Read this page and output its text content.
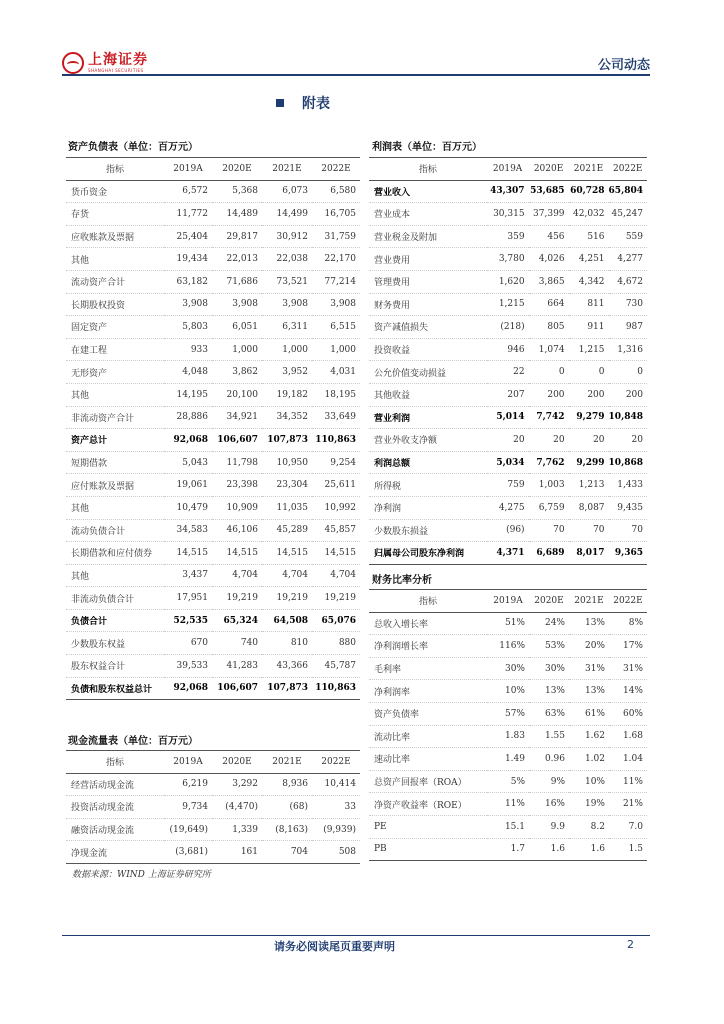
上海证券
SHANGHAI SECURITIES	公司动态
附表
资产负债表（单位：百万元）	利润表（单位：百万元）
财务比率分析
现金流量表（单位：百万元）
指标	2019A	2020E	2021E	2022E
货币资金	6,572	5,368	6,073	6,580
存货	11,772	14,489	14,499	16,705
应收账款及票据	25,404	29,817	30,912	31,759
其他	19,434	22,013	22,038	22,170
流动资产合计	63,182	71,686	73,521	77,214
长期股权投资	3,908	3,908	3,908	3,908
固定资产	5,803	6,051	6,311	6,515
在建工程	933	1,000	1,000	1,000
无形资产	4,048	3,862	3,952	4,031
其他	14,195	20,100	19,182	18,195
非流动资产合计	28,886	34,921	34,352	33,649
资产总计	92,068	106,607	107,873	110,863
短期借款	5,043	11,798	10,950	9,254
应付账款及票据	19,061	23,398	23,304	25,611
其他	10,479	10,909	11,035	10,992
流动负债合计	34,583	46,106	45,289	45,857
长期借款和应付债券	14,515	14,515	14,515	14,515
其他	3,437	4,704	4,704	4,704
非流动负债合计	17,951	19,219	19,219	19,219
负债合计	52,535	65,324	64,508	65,076
少数股东权益	670	740	810	880
股东权益合计	39,533	41,283	43,366	45,787
负债和股东权益总计	92,068	106,607	107,873	110,863
指标	2019A	2020E	2021E	2022E
营业收入	43,307	53,685	60,728	65,804
营业成本	30,315	37,399	42,032	45,247
营业税金及附加	359	456	516	559
营业费用	3,780	4,026	4,251	4,277
管理费用	1,620	3,865	4,342	4,672
财务费用	1,215	664	811	730
资产减值损失	(218)	805	911	987
投资收益	946	1,074	1,215	1,316
公允价值变动损益	22	0	0	0
其他收益	207	200	200	200
营业利润	5,014	7,742	9,279	10,848
营业外收支净额	20	20	20	20
利润总额	5,034	7,762	9,299	10,868
所得税	759	1,003	1,213	1,433
净利润	4,275	6,759	8,087	9,435
少数股东损益	(96)	70	70	70
归属母公司股东净利润	4,371	6,689	8,017	9,365
指标	2019A	2020E	2021E	2022E
总收入增长率	51%	24%	13%	8%
净利润增长率	116%	53%	20%	17%
毛利率	30%	30%	31%	31%
净利润率	10%	13%	13%	14%
资产负债率	57%	63%	61%	60%
流动比率	1.83	1.55	1.62	1.68
速动比率	1.49	0.96	1.02	1.04
总资产回报率（ROA）	5%	9%	10%	11%
净资产收益率（ROE）	11%	16%	19%	21%
PE	15.1	9.9	8.2	7.0
PB	1.7	1.6	1.6	1.5
指标	2019A	2020E	2021E	2022E
经营活动现金流	6,219	3,292	8,936	10,414
投资活动现金流	9,734	(4,470)	(68)	33
融资活动现金流	(19,649)	1,339	(8,163)	(9,939)
净现金流	(3,681)	161	704	508
数据来源：WIND 上海证券研究所
请务必阅读尾页重要声明	2
